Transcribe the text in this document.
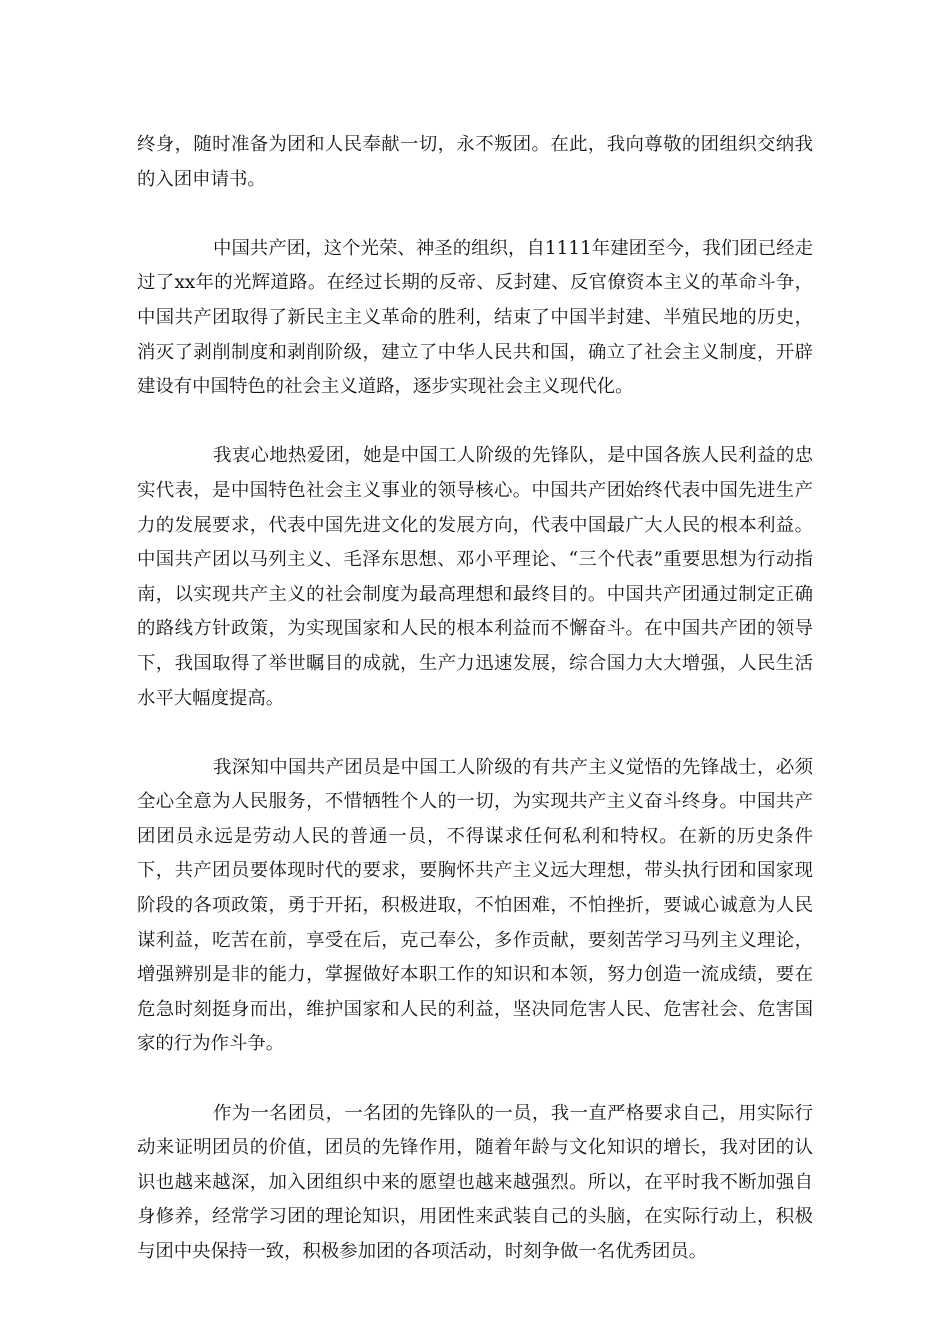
终身，随时准备为团和人民奉献一切，永不叛团。在此，我向尊敬的团组织交纳我的入团申请书。

中国共产团，这个光荣、神圣的组织，自1111年建团至今，我们团已经走过了xx年的光辉道路。在经过长期的反帝、反封建、反官僚资本主义的革命斗争，中国共产团取得了新民主主义革命的胜利，结束了中国半封建、半殖民地的历史，消灭了剥削制度和剥削阶级，建立了中华人民共和国，确立了社会主义制度，开辟建设有中国特色的社会主义道路，逐步实现社会主义现代化。

我衷心地热爱团，她是中国工人阶级的先锋队，是中国各族人民利益的忠实代表，是中国特色社会主义事业的领导核心。中国共产团始终代表中国先进生产力的发展要求，代表中国先进文化的发展方向，代表中国最广大人民的根本利益。中国共产团以马列主义、毛泽东思想、邓小平理论、“三个代表”重要思想为行动指南，以实现共产主义的社会制度为最高理想和最终目的。中国共产团通过制定正确的路线方针政策，为实现国家和人民的根本利益而不懈奋斗。在中国共产团的领导下，我国取得了举世瞩目的成就，生产力迅速发展，综合国力大大增强，人民生活水平大幅度提高。

我深知中国共产团员是中国工人阶级的有共产主义觉悟的先锋战士，必须全心全意为人民服务，不惜牺牲个人的一切，为实现共产主义奋斗终身。中国共产团团员永远是劳动人民的普通一员，不得谋求任何私利和特权。在新的历史条件下，共产团员要体现时代的要求，要胸怀共产主义远大理想，带头执行团和国家现阶段的各项政策，勇于开拓，积极进取，不怕困难，不怕挫折，要诚心诚意为人民谋利益，吃苦在前，享受在后，克己奉公，多作贡献，要刻苦学习马列主义理论，增强辨别是非的能力，掌握做好本职工作的知识和本领，努力创造一流成绩，要在危急时刻挺身而出，维护国家和人民的利益，坚决同危害人民、危害社会、危害国家的行为作斗争。

作为一名团员，一名团的先锋队的一员，我一直严格要求自己，用实际行动来证明团员的价值，团员的先锋作用，随着年龄与文化知识的增长，我对团的认识也越来越深，加入团组织中来的愿望也越来越强烈。所以，在平时我不断加强自身修养，经常学习团的理论知识，用团性来武装自己的头脑，在实际行动上，积极与团中央保持一致，积极参加团的各项活动，时刻争做一名优秀团员。
